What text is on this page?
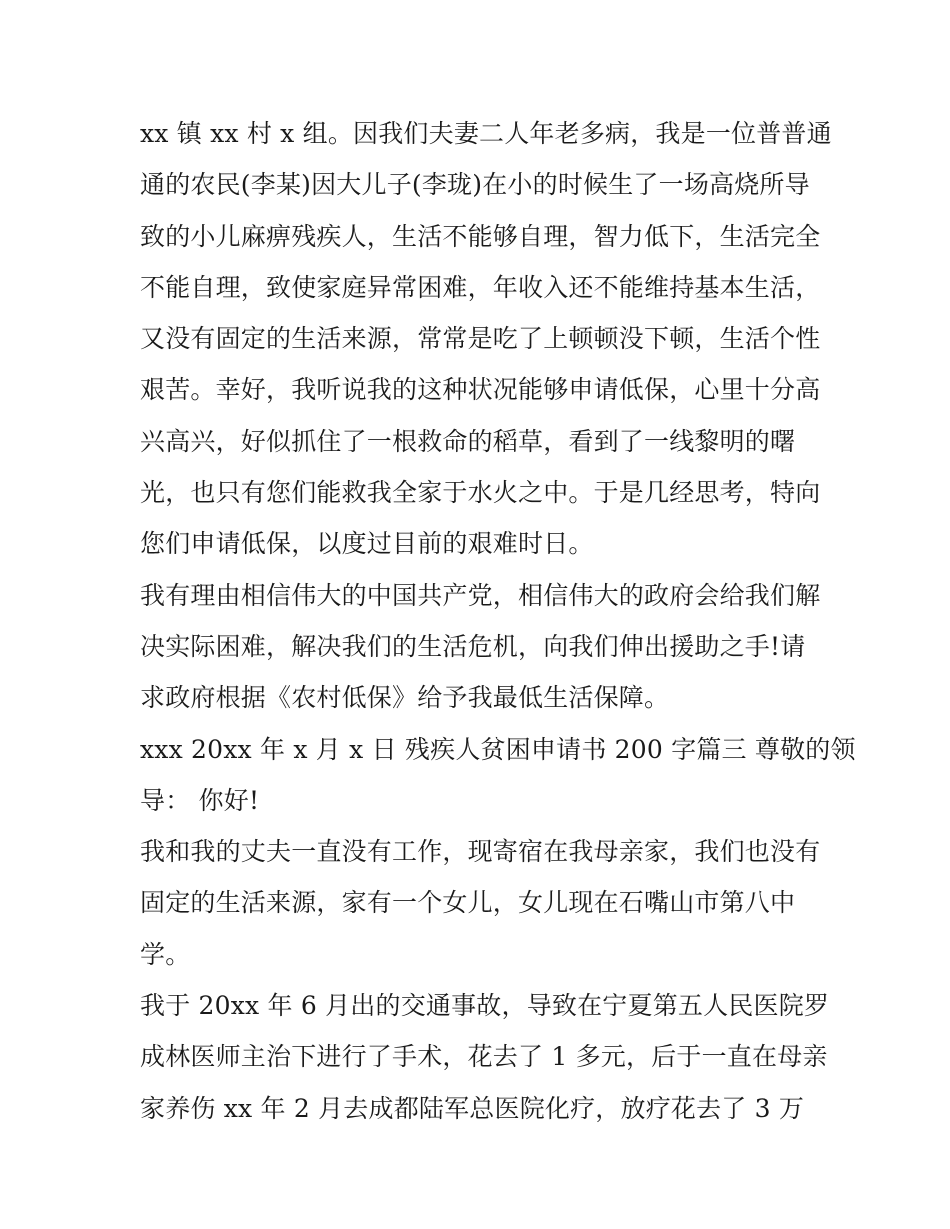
xx 镇 xx 村 x 组。因我们夫妻二人年老多病，我是一位普普通
通的农民(李某)因大儿子(李珑)在小的时候生了一场高烧所导
致的小儿麻痹残疾人，生活不能够自理，智力低下，生活完全
不能自理，致使家庭异常困难，年收入还不能维持基本生活，
又没有固定的生活来源，常常是吃了上顿顿没下顿，生活个性
艰苦。幸好，我听说我的这种状况能够申请低保，心里十分高
兴高兴，好似抓住了一根救命的稻草，看到了一线黎明的曙
光，也只有您们能救我全家于水火之中。于是几经思考，特向
您们申请低保，以度过目前的艰难时日。
我有理由相信伟大的中国共产党，相信伟大的政府会给我们解
决实际困难，解决我们的生活危机，向我们伸出援助之手!请
求政府根据《农村低保》给予我最低生活保障。
xxx 20xx 年 x 月 x 日 残疾人贫困申请书 200 字篇三 尊敬的领
导： 你好!
我和我的丈夫一直没有工作，现寄宿在我母亲家，我们也没有
固定的生活来源，家有一个女儿，女儿现在石嘴山市第八中
学。
我于 20xx 年 6 月出的交通事故，导致在宁夏第五人民医院罗
成林医师主治下进行了手术，花去了 1 多元，后于一直在母亲
家养伤 xx 年 2 月去成都陆军总医院化疗，放疗花去了 3 万
